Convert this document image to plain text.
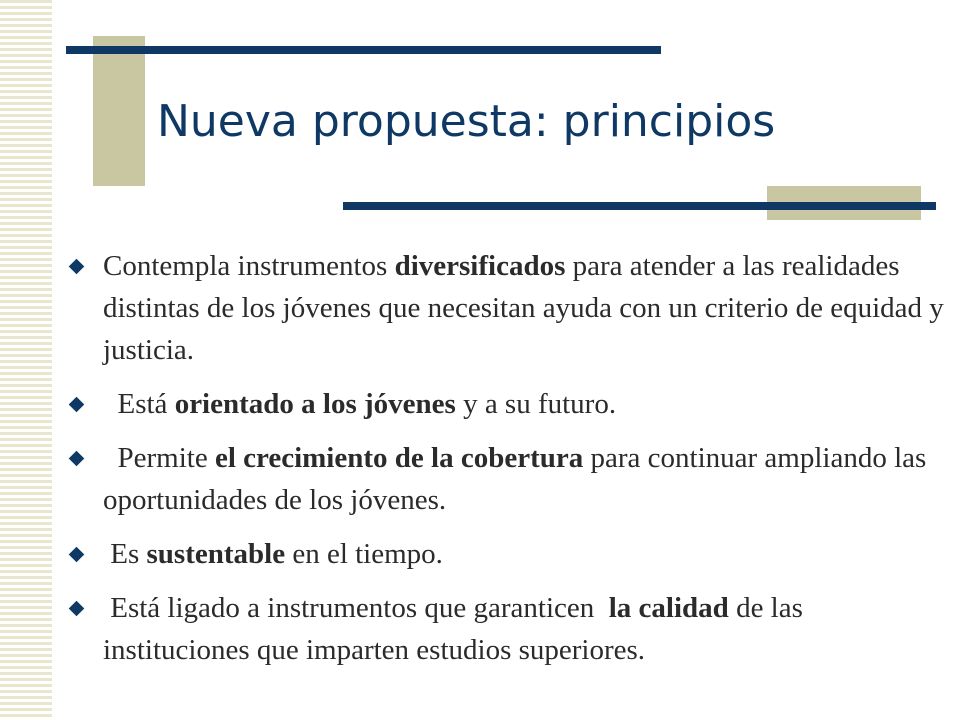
Nueva propuesta: principios
Contempla instrumentos diversificados para atender a las realidades distintas de los jóvenes que necesitan ayuda con un criterio de equidad y justicia.
Está orientado a los jóvenes y a su futuro.
Permite el crecimiento de la cobertura para continuar ampliando las oportunidades de los jóvenes.
Es sustentable en el tiempo.
Está ligado a instrumentos que garanticen  la calidad de las instituciones que imparten estudios superiores.
